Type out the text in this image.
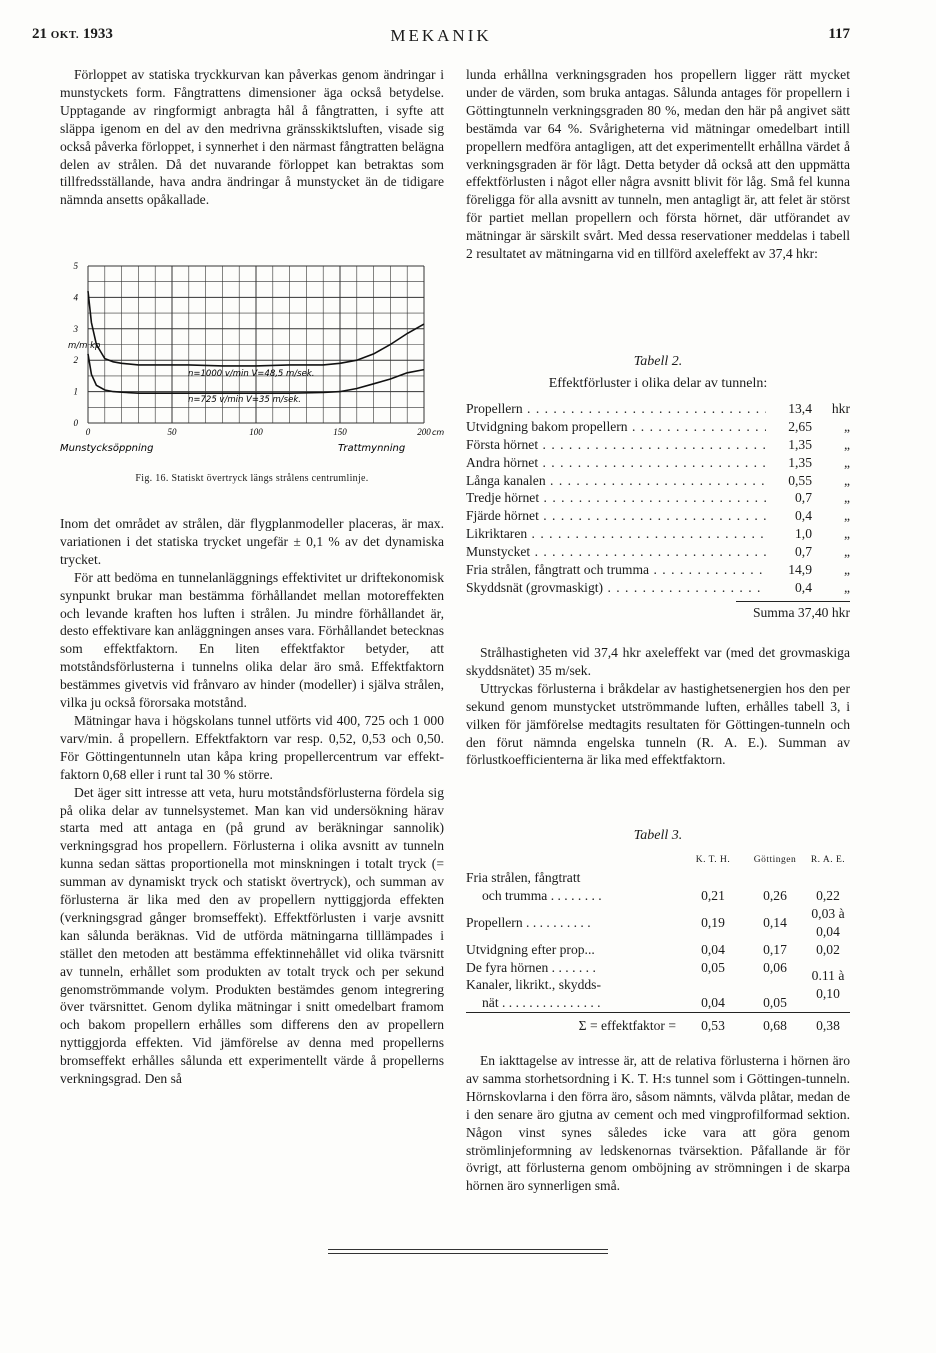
21 OKT. 1933	MEKANIK	117

Förloppet av statiska tryckkurvan kan påverkas genom ändringar i munstyckets form. Fångtrattens dimensioner äga också betydelse. Upptagande av ringformigt anbragta hål å fångtratten, i syfte att släppa igenom en del av den medrivna gränsskiktsluften, visade sig också påverka förloppet, i synnerhet i den närmast fångtratten belägna delen av strålen. Då det nuvarande förloppet kan betraktas som tillfredsställande, hava andra ändringar å munstycket än de tidigare nämnda ansetts opåkallade.

0
1
2
3
4
5
0	50	100	150	200
m/m kp
n=1000 v/min V=48,5 m/sek.
n=725 v/min V=35 m/sek.
cm
Munstycksöppning	Trattmynning
Fig. 16. Statiskt övertryck längs strålens centrumlinje.

Inom det området av strålen, där flygplanmodeller placeras, är max. variationen i det statiska trycket ungefär ± 0,1 % av det dynamiska trycket.

För att bedöma en tunnelanläggnings effektivitet ur driftekonomisk synpunkt brukar man bestämma förhållandet mellan motoreffekten och levande kraften hos luften i strålen. Ju mindre förhållandet är, desto effektivare kan anläggningen anses vara. Förhållandet betecknas som effektfaktorn. En liten effektfaktor betyder, att motståndsförlusterna i tunnelns olika delar äro små. Effektfaktorn bestämmes givetvis vid frånvaro av hinder (modeller) i själva strålen, vilka ju också förorsaka motstånd.

Mätningar hava i högskolans tunnel utförts vid 400, 725 och 1 000 varv/min. å propellern. Effektfaktorn var resp. 0,52, 0,53 och 0,50. För Göttingentunneln utan kåpa kring propellercentrum var effektfaktorn 0,68 eller i runt tal 30 % större.

Det äger sitt intresse att veta, huru motståndsförlusterna fördela sig på olika delar av tunnelsystemet. Man kan vid undersökning härav starta med att antaga en (på grund av beräkningar sannolik) verkningsgrad hos propellern. Förlusterna i olika avsnitt av tunneln kunna sedan sättas proportionella mot minskningen i totalt tryck (= summan av dynamiskt tryck och statiskt övertryck), och summan av förlusterna är lika med den av propellern nyttiggjorda effekten (verkningsgrad gånger bromseffekt). Effektförlusten i varje avsnitt kan sålunda beräknas. Vid de utförda mätningarna tilllämpades i stället den metoden att bestämma effektinnehållet vid olika tvärsnitt av tunneln, erhållet som produkten av totalt tryck och per sekund genomströmmande volym. Produkten bestämdes genom integrering över tvärsnittet. Genom dylika mätningar i snitt omedelbart framom och bakom propellern erhålles som differens den av propellern nyttiggjorda effekten. Vid jämförelse av denna med propellerns bromseffekt erhålles sålunda ett experimentellt värde å propellerns verkningsgrad. Den så

lunda erhållna verkningsgraden hos propellern ligger rätt mycket under de värden, som bruka antagas. Sålunda antages för propellern i Göttingtunneln verkningsgraden 80 %, medan den här på angivet sätt bestämda var 64 %. Svårigheterna vid mätningar omedelbart intill propellern medföra antagligen, att det experimentellt erhållna värdet å verkningsgraden är för lågt. Detta betyder då också att den uppmätta effektförlusten i något eller några avsnitt blivit för låg. Små fel kunna föreligga för alla avsnitt av tunneln, men antagligt är, att felet är störst för partiet mellan propellern och första hörnet, där utförandet av mätningar är särskilt svårt. Med dessa reservationer meddelas i tabell 2 resultatet av mätningarna vid en tillförd axeleffekt av 37,4 hkr:

Tabell 2.
Effektförluster i olika delar av tunneln:
Propellern . . .	13,4	hkr
Utvidgning bakom propellern . . .	2,65	„
Första hörnet . . .	1,35	„
Andra hörnet . . .	1,35	„
Långa kanalen . . .	0,55	„
Tredje hörnet . . .	0,7	„
Fjärde hörnet . . .	0,4	„
Likriktaren . . .	1,0	„
Munstycket . . .	0,7	„
Fria strålen, fångtratt och trumma . . .	14,9	„
Skyddsnät (grovmaskigt) . . .	0,4	„
Summa 37,40 hkr

Strålhastigheten vid 37,4 hkr axeleffekt var (med det grovmaskiga skyddsnätet) 35 m/sek.

Uttryckas förlusterna i bråkdelar av hastighetsenergien hos den per sekund genom munstycket utströmmande luften, erhålles tabell 3, i vilken för jämförelse medtagits resultaten för Göttingen-tunneln och den förut nämnda engelska tunneln (R. A. E.). Summan av förlustkoefficienterna är lika med effektfaktorn.

Tabell 3.
	K. T. H.	Göttingen	R. A. E.
Fria strålen, fångtratt			
och trumma . . . . . . . .	0,21	0,26	0,22
Propellern . . . . . . . . . .	0,19	0,14	0,03 à 0,04
Utvidgning efter prop...	0,04	0,17	0,02
De fyra hörnen . . . . . . .	0,05	0,06	0.11 à 0,10
Kanaler, likrikt., skydds-			
nät . . . . . . . . . . . . . . .	0,04	0,05	
Σ = effektfaktor =	0,53	0,68	0,38

En iakttagelse av intresse är, att de relativa förlusterna i hörnen äro av samma storhetsordning i K. T. H:s tunnel som i Göttingen-tunneln. Hörnskovlarna i den förra äro, såsom nämnts, välvda plåtar, medan de i den senare äro gjutna av cement och med vingprofilformad sektion. Någon vinst synes således icke vara att göra genom strömlinjeformning av ledskenornas tvärsektion. Påfallande är för övrigt, att förlusterna genom omböjning av strömningen i de skarpa hörnen äro synnerligen små.
